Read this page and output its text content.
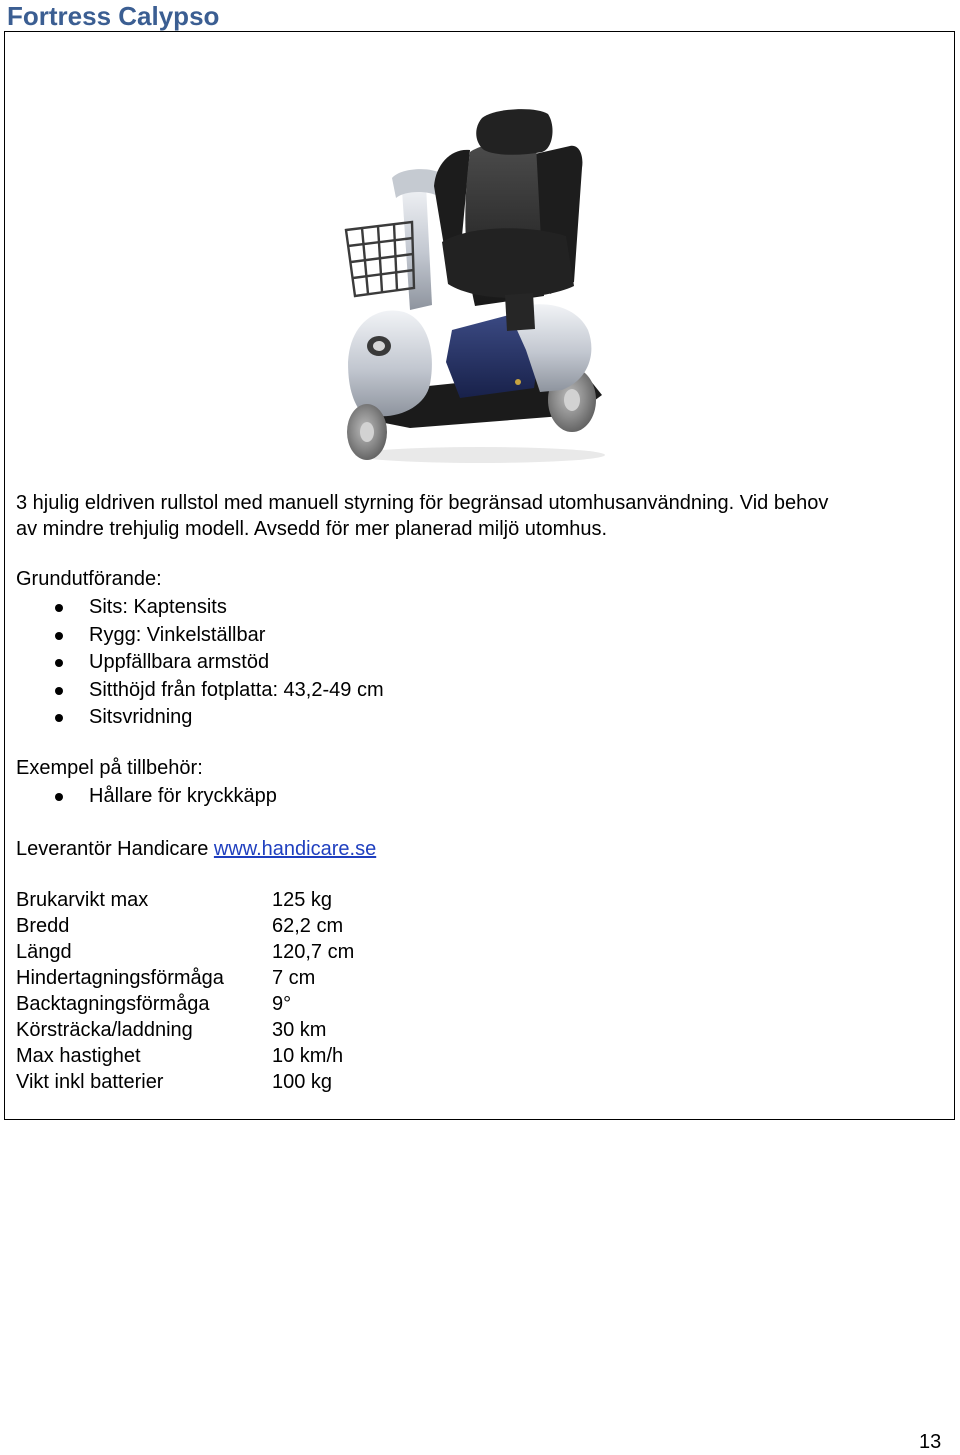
Fortress Calypso
3 hjulig eldriven rullstol med manuell styrning för begränsad utomhusanvändning. Vid behov
av mindre trehjulig modell. Avsedd för mer planerad miljö utomhus.
Grundutförande:
Sits: Kaptensits
Rygg: Vinkelställbar
Uppfällbara armstöd
Sitthöjd från fotplatta: 43,2-49 cm
Sitsvridning
Exempel på tillbehör:
Hållare för kryckkäpp
Leverantör Handicare www.handicare.se
Brukarvikt max	125 kg
Bredd	62,2 cm
Längd	120,7 cm
Hindertagningsförmåga 7 cm
Backtagningsförmåga	9°
Körsträcka/laddning	30 km
Max hastighet	10 km/h
Vikt inkl batterier	100 kg
13
